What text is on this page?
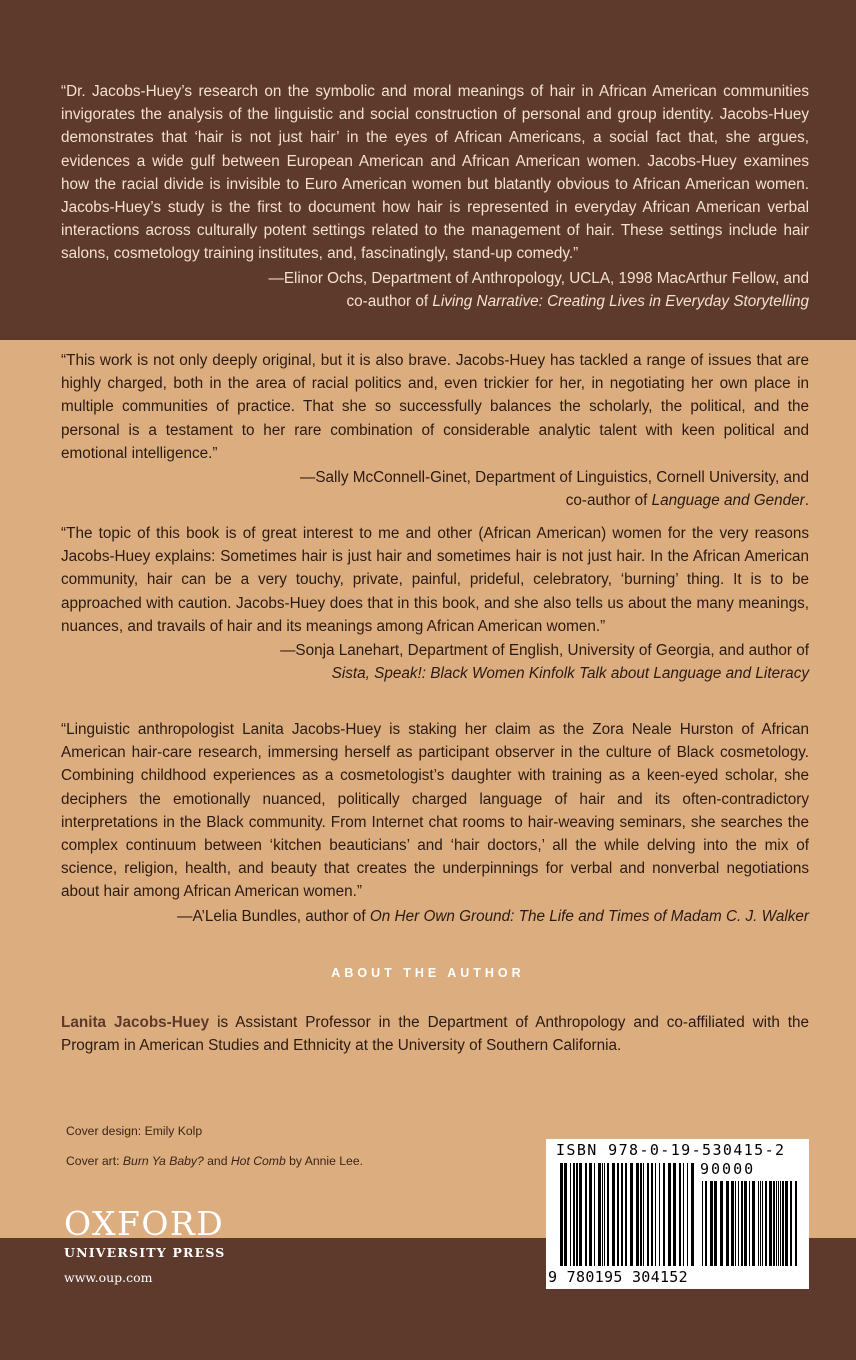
“Dr. Jacobs-Huey’s research on the symbolic and moral meanings of hair in African American communities invigorates the analysis of the linguistic and social construction of personal and group identity. Jacobs-Huey demonstrates that ‘hair is not just hair’ in the eyes of African Americans, a social fact that, she argues, evidences a wide gulf between European American and African American women. Jacobs-Huey examines how the racial divide is invisible to Euro American women but blatantly obvious to African American women. Jacobs-Huey’s study is the first to document how hair is represented in everyday African American verbal interactions across culturally potent settings related to the management of hair. These settings include hair salons, cosmetology training institutes, and, fascinatingly, stand-up comedy.”
—Elinor Ochs, Department of Anthropology, UCLA, 1998 MacArthur Fellow, and
co-author of Living Narrative: Creating Lives in Everyday Storytelling
“This work is not only deeply original, but it is also brave. Jacobs-Huey has tackled a range of issues that are highly charged, both in the area of racial politics and, even trickier for her, in negotiating her own place in multiple communities of practice. That she so successfully balances the scholarly, the political, and the personal is a testament to her rare combination of considerable analytic talent with keen political and emotional intelligence.”
—Sally McConnell-Ginet, Department of Linguistics, Cornell University, and
co-author of Language and Gender.
“The topic of this book is of great interest to me and other (African American) women for the very reasons Jacobs-Huey explains: Sometimes hair is just hair and sometimes hair is not just hair. In the African American community, hair can be a very touchy, private, painful, prideful, celebratory, ‘burning’ thing. It is to be approached with caution. Jacobs-Huey does that in this book, and she also tells us about the many meanings, nuances, and travails of hair and its meanings among African American women.”
—Sonja Lanehart, Department of English, University of Georgia, and author of
Sista, Speak!: Black Women Kinfolk Talk about Language and Literacy
“Linguistic anthropologist Lanita Jacobs-Huey is staking her claim as the Zora Neale Hurston of African American hair-care research, immersing herself as participant observer in the culture of Black cosmetology. Combining childhood experiences as a cosmetologist’s daughter with training as a keen-eyed scholar, she deciphers the emotionally nuanced, politically charged language of hair and its often-contradictory interpretations in the Black community. From Internet chat rooms to hair-weaving seminars, she searches the complex continuum between ‘kitchen beauticians’ and ‘hair doctors,’ all the while delving into the mix of science, religion, health, and beauty that creates the underpinnings for verbal and nonverbal negotiations about hair among African American women.”
—A’Lelia Bundles, author of On Her Own Ground: The Life and Times of Madam C. J. Walker
ABOUT THE AUTHOR
Lanita Jacobs-Huey is Assistant Professor in the Department of Anthropology and co-affiliated with the Program in American Studies and Ethnicity at the University of Southern California.
Cover design: Emily Kolp
Cover art: Burn Ya Baby? and Hot Comb by Annie Lee.
OXFORD
UNIVERSITY PRESS
www.oup.com
ISBN 978-0-19-530415-2
90000
9 780195 304152
